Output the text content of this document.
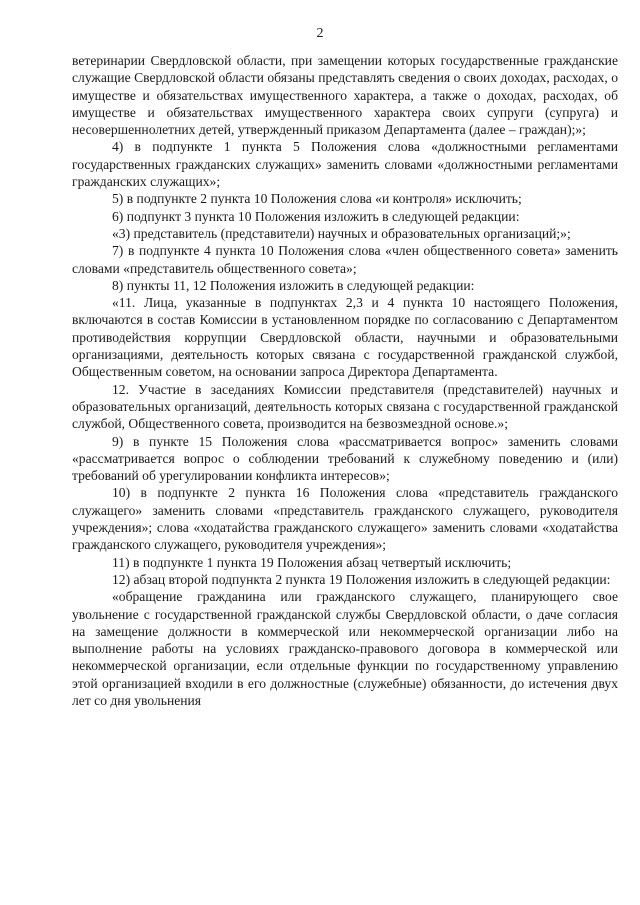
2

ветеринарии Свердловской области, при замещении которых государственные гражданские служащие Свердловской области обязаны представлять сведения о своих доходах, расходах, о имуществе и обязательствах имущественного характера, а также о доходах, расходах, об имуществе и обязательствах имущественного характера своих супруги (супруга) и несовершеннолетних детей, утвержденный приказом Департамента (далее – граждан);»;

4) в подпункте 1 пункта 5 Положения слова «должностными регламентами государственных гражданских служащих» заменить словами «должностными регламентами гражданских служащих»;

5) в подпункте 2 пункта 10 Положения слова «и контроля» исключить;

6) подпункт 3 пункта 10 Положения изложить в следующей редакции:

«3) представитель (представители) научных и образовательных организаций;»;

7) в подпункте 4 пункта 10 Положения слова «член общественного совета» заменить словами «представитель общественного совета»;

8) пункты 11, 12 Положения изложить в следующей редакции:

«11. Лица, указанные в подпунктах 2,3 и 4 пункта 10 настоящего Положения, включаются в состав Комиссии в установленном порядке по согласованию с Департаментом противодействия коррупции Свердловской области, научными и образовательными организациями, деятельность которых связана с государственной гражданской службой, Общественным советом, на основании запроса Директора Департамента.

12. Участие в заседаниях Комиссии представителя (представителей) научных и образовательных организаций, деятельность которых связана с государственной гражданской службой, Общественного совета, производится на безвозмездной основе.»;

9) в пункте 15 Положения слова «рассматривается вопрос» заменить словами «рассматривается вопрос о соблюдении требований к служебному поведению и (или) требований об урегулировании конфликта интересов»;

10) в подпункте 2 пункта 16 Положения слова «представитель гражданского служащего» заменить словами «представитель гражданского служащего, руководителя учреждения»; слова «ходатайства гражданского служащего» заменить словами «ходатайства гражданского служащего, руководителя учреждения»;

11) в подпункте 1 пункта 19 Положения абзац четвертый исключить;

12) абзац второй подпункта 2 пункта 19 Положения изложить в следующей редакции:

«обращение гражданина или гражданского служащего, планирующего свое увольнение с государственной гражданской службы Свердловской области, о даче согласия на замещение должности в коммерческой или некоммерческой организации либо на выполнение работы на условиях гражданско-правового договора в коммерческой или некоммерческой организации, если отдельные функции по государственному управлению этой организацией входили в его должностные (служебные) обязанности, до истечения двух лет со дня увольнения
